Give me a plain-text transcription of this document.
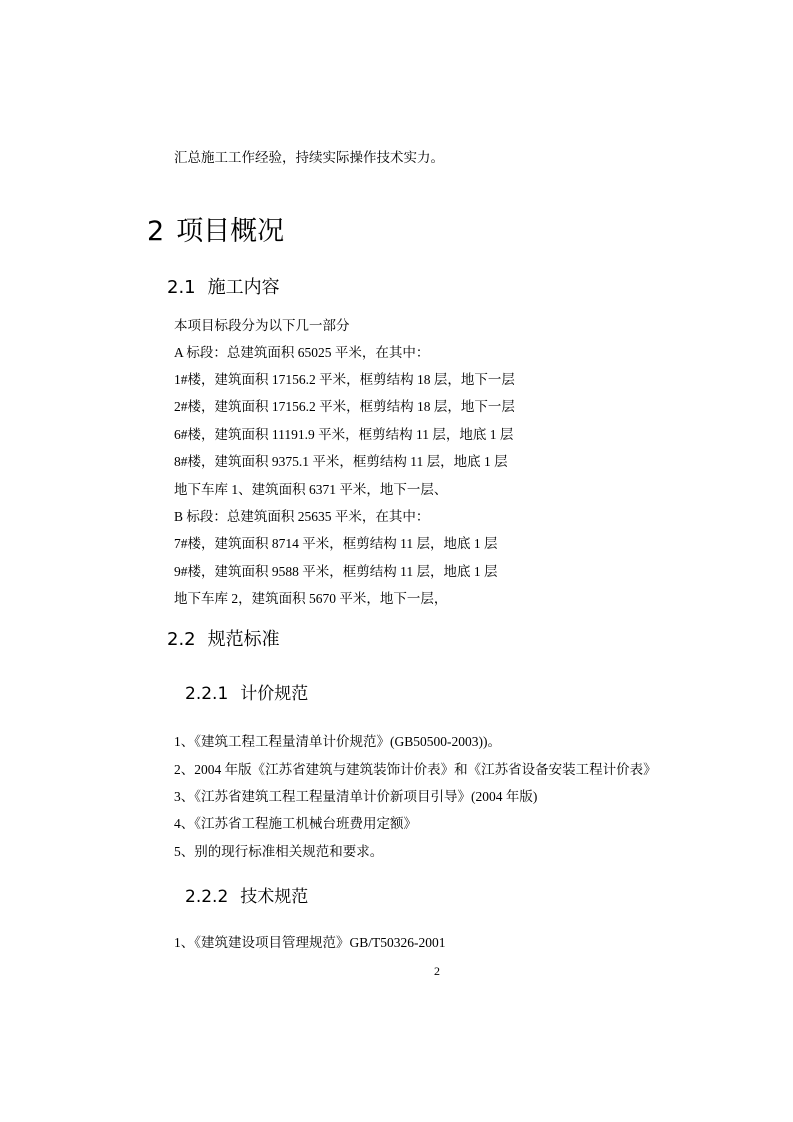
汇总施工工作经验，持续实际操作技术实力。
2 项目概况
2.1 施工内容
本项目标段分为以下几一部分
A 标段：总建筑面积 65025 平米，在其中：
1#楼，建筑面积 17156.2 平米，框剪结构 18 层，地下一层
2#楼，建筑面积 17156.2 平米，框剪结构 18 层，地下一层
6#楼，建筑面积 11191.9 平米，框剪结构 11 层，地底 1 层
8#楼，建筑面积 9375.1 平米，框剪结构 11 层，地底 1 层
地下车库 1、建筑面积 6371 平米，地下一层、
B 标段：总建筑面积 25635 平米，在其中：
7#楼，建筑面积 8714 平米，框剪结构 11 层，地底 1 层
9#楼，建筑面积 9588 平米，框剪结构 11 层，地底 1 层
地下车库 2，建筑面积 5670 平米，地下一层，
2.2 规范标准
2.2.1 计价规范
1、《建筑工程工程量清单计价规范》(GB50500-2003))。
2、2004 年版《江苏省建筑与建筑装饰计价表》和《江苏省设备安装工程计价表》
3、《江苏省建筑工程工程量清单计价新项目引导》(2004 年版)
4、《江苏省工程施工机械台班费用定额》
5、别的现行标准相关规范和要求。
2.2.2 技术规范
1、《建筑建设项目管理规范》GB/T50326-2001
2
